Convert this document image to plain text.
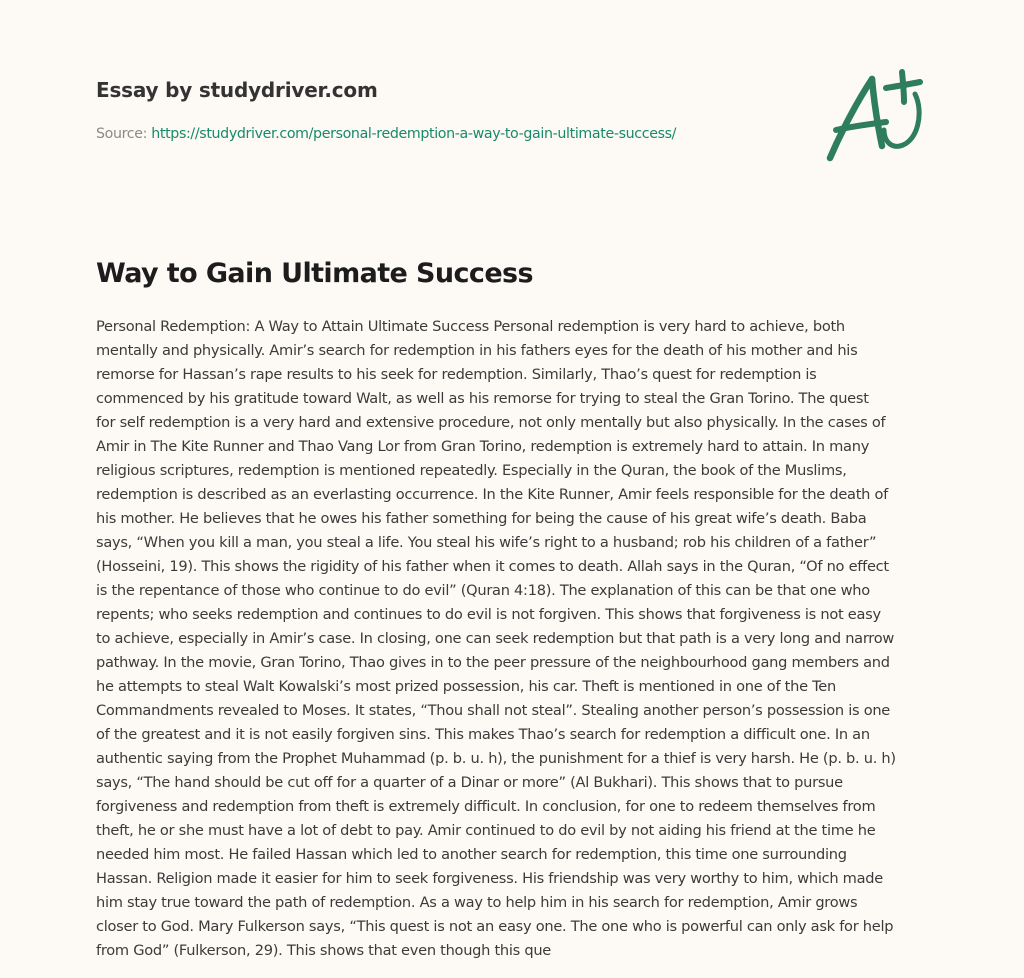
Essay by studydriver.com
Source: https://studydriver.com/personal-redemption-a-way-to-gain-ultimate-success/
Way to Gain Ultimate Success
Personal Redemption: A Way to Attain Ultimate Success Personal redemption is very hard to achieve, both
mentally and physically. Amir’s search for redemption in his fathers eyes for the death of his mother and his
remorse for Hassan’s rape results to his seek for redemption. Similarly, Thao’s quest for redemption is
commenced by his gratitude toward Walt, as well as his remorse for trying to steal the Gran Torino. The quest
for self redemption is a very hard and extensive procedure, not only mentally but also physically. In the cases of
Amir in The Kite Runner and Thao Vang Lor from Gran Torino, redemption is extremely hard to attain. In many
religious scriptures, redemption is mentioned repeatedly. Especially in the Quran, the book of the Muslims,
redemption is described as an everlasting occurrence. In the Kite Runner, Amir feels responsible for the death of
his mother. He believes that he owes his father something for being the cause of his great wife’s death. Baba
says, “When you kill a man, you steal a life. You steal his wife’s right to a husband; rob his children of a father”
(Hosseini, 19). This shows the rigidity of his father when it comes to death. Allah says in the Quran, “Of no effect
is the repentance of those who continue to do evil” (Quran 4:18). The explanation of this can be that one who
repents; who seeks redemption and continues to do evil is not forgiven. This shows that forgiveness is not easy
to achieve, especially in Amir’s case. In closing, one can seek redemption but that path is a very long and narrow
pathway. In the movie, Gran Torino, Thao gives in to the peer pressure of the neighbourhood gang members and
he attempts to steal Walt Kowalski’s most prized possession, his car. Theft is mentioned in one of the Ten
Commandments revealed to Moses. It states, “Thou shall not steal”. Stealing another person’s possession is one
of the greatest and it is not easily forgiven sins. This makes Thao’s search for redemption a difficult one. In an
authentic saying from the Prophet Muhammad (p. b. u. h), the punishment for a thief is very harsh. He (p. b. u. h)
says, “The hand should be cut off for a quarter of a Dinar or more” (Al Bukhari). This shows that to pursue
forgiveness and redemption from theft is extremely difficult. In conclusion, for one to redeem themselves from
theft, he or she must have a lot of debt to pay. Amir continued to do evil by not aiding his friend at the time he
needed him most. He failed Hassan which led to another search for redemption, this time one surrounding
Hassan. Religion made it easier for him to seek forgiveness. His friendship was very worthy to him, which made
him stay true toward the path of redemption. As a way to help him in his search for redemption, Amir grows
closer to God. Mary Fulkerson says, “This quest is not an easy one. The one who is powerful can only ask for help
from God” (Fulkerson, 29). This shows that even though this que
